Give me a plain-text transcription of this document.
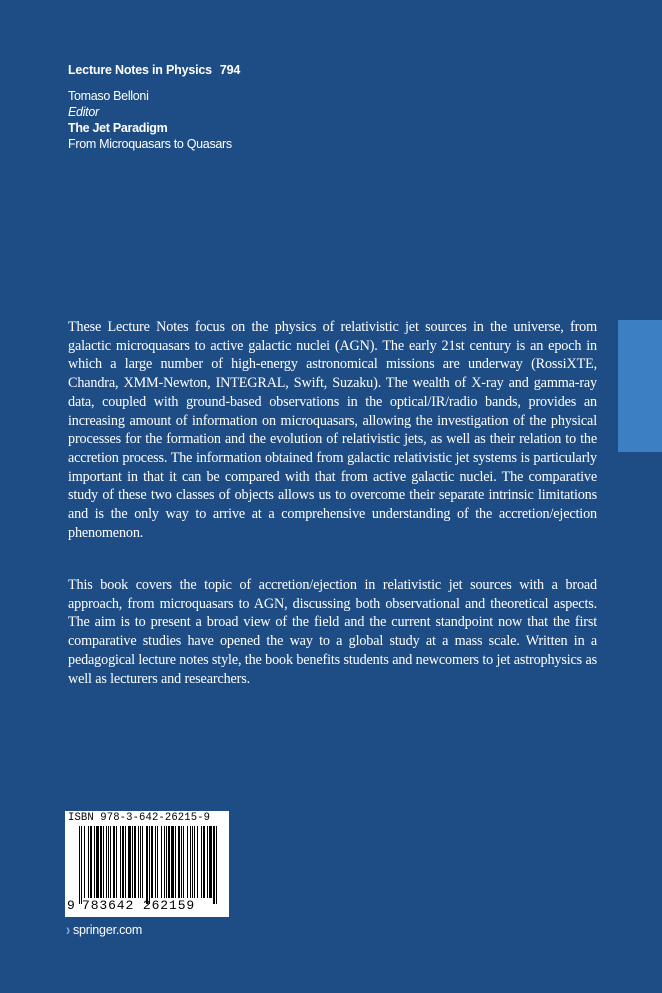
Lecture Notes in Physics 794
Tomaso Belloni
Editor
The Jet Paradigm
From Microquasars to Quasars

These Lecture Notes focus on the physics of relativistic jet sources in the universe, from galactic microquasars to active galactic nuclei (AGN). The early 21st century is an epoch in which a large number of high-energy astronomical missions are underway (RossiXTE, Chandra, XMM-Newton, INTEGRAL, Swift, Suzaku). The wealth of X-ray and gamma-ray data, coupled with ground-based observations in the optical/IR/radio bands, provides an increasing amount of information on microquasars, allowing the investigation of the physical processes for the formation and the evolution of relativistic jets, as well as their relation to the accretion process. The information obtained from galactic relativistic jet systems is particularly important in that it can be compared with that from active galactic nuclei. The comparative study of these two classes of objects allows us to overcome their separate intrinsic limitations and is the only way to arrive at a comprehensive understanding of the accretion/ejection phenomenon.

This book covers the topic of accretion/ejection in relativistic jet sources with a broad approach, from microquasars to AGN, discussing both observational and theoretical aspects. The aim is to present a broad view of the field and the current standpoint now that the first comparative studies have opened the way to a global study at a mass scale. Written in a pedagogical lecture notes style, the book benefits students and newcomers to jet astrophysics as well as lecturers and researchers.

ISBN 978-3-642-26215-9
9 783642 262159
› springer.com
